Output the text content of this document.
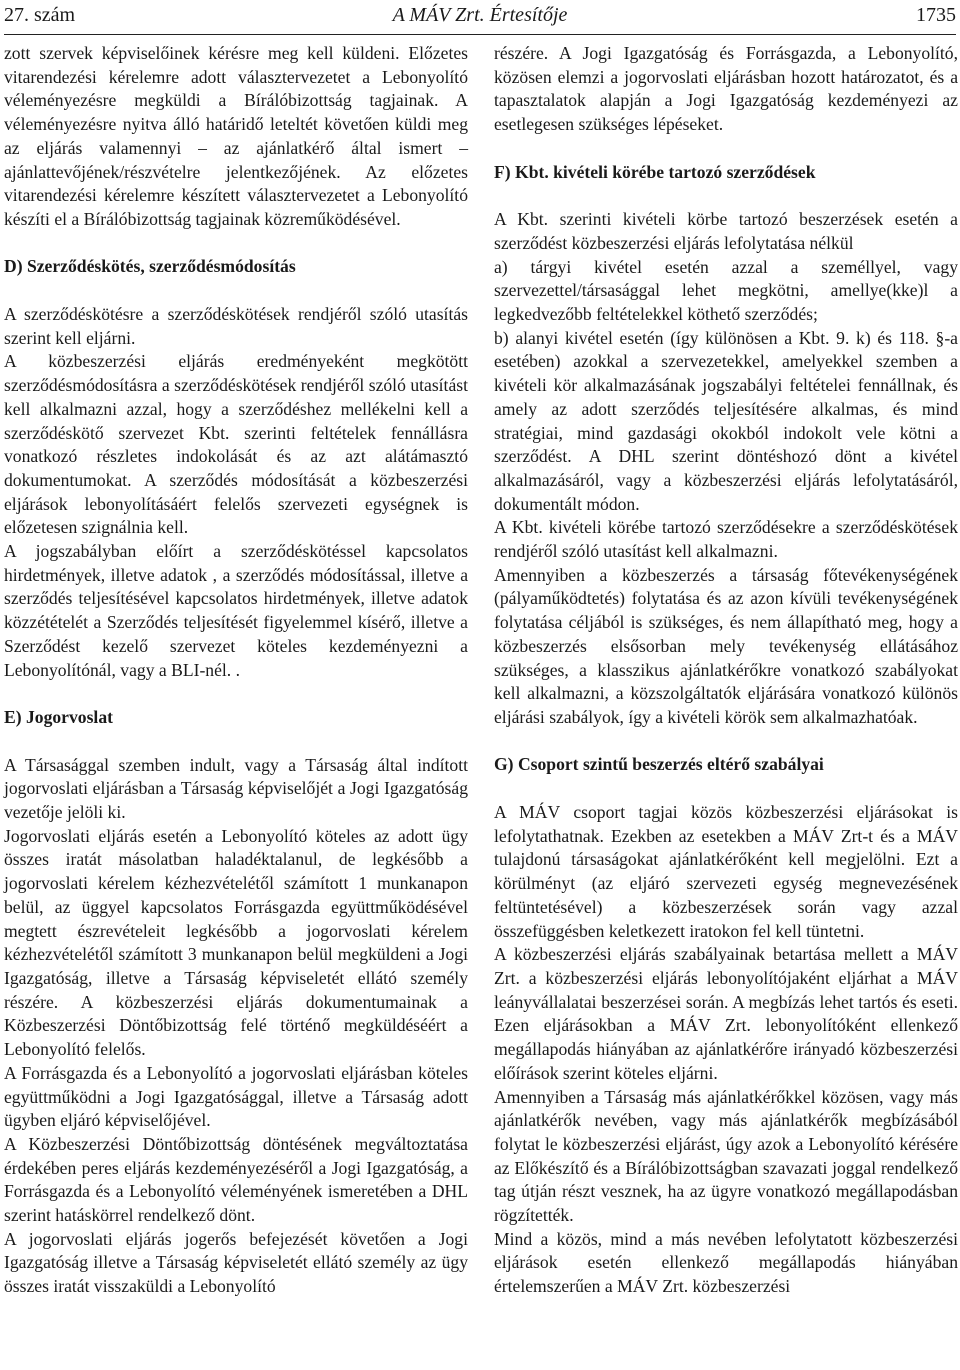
27. szám	A MÁV Zrt. Értesítője	1735

zott szervek képviselőinek kérésre meg kell küldeni. Előzetes vitarendezési kérelemre adott választervezetet a Lebonyolító véleményezésre megküldi a Bírálóbizottság tagjainak. A véleményezésre nyitva álló határidő leteltét követően küldi meg az eljárás valamennyi – az ajánlatkérő által ismert – ajánlattevőjének/részvételre jelentkezőjének. Az előzetes vitarendezési kérelemre készített választervezetet a Lebonyolító készíti el a Bírálóbizottság tagjainak közreműködésével.

D) Szerződéskötés, szerződésmódosítás

A szerződéskötésre a szerződéskötések rendjéről szóló utasítás szerint kell eljárni.

A közbeszerzési eljárás eredményeként megkötött szerződésmódosításra a szerződéskötések rendjéről szóló utasítást kell alkalmazni azzal, hogy a szerződéshez mellékelni kell a szerződéskötő szervezet Kbt. szerinti feltételek fennállásra vonatkozó részletes indokolását és az azt alátámasztó dokumentumokat. A szerződés módosítását a közbeszerzési eljárások lebonyolításáért felelős szervezeti egységnek is előzetesen szignálnia kell.

A jogszabályban előírt a szerződéskötéssel kapcsolatos hirdetmények, illetve adatok , a szerződés módosítással, illetve a szerződés teljesítésével kapcsolatos hirdetmények, illetve adatok közzétételét a Szerződés teljesítését figyelemmel kísérő, illetve a Szerződést kezelő szervezet köteles kezdeményezni a Lebonyolítónál, vagy a BLI-nél. .

E) Jogorvoslat

A Társasággal szemben indult, vagy a Társaság által indított jogorvoslati eljárásban a Társaság képviselőjét a Jogi Igazgatóság vezetője jelöli ki.

Jogorvoslati eljárás esetén a Lebonyolító köteles az adott ügy összes iratát másolatban haladéktalanul, de legkésőbb a jogorvoslati kérelem kézhezvételétől számított 1 munkanapon belül, az üggyel kapcsolatos Forrásgazda együttműködésével megtett észrevételeit legkésőbb a jogorvoslati kérelem kézhezvételétől számított 3 munkanapon belül megküldeni a Jogi Igazgatóság, illetve a Társaság képviseletét ellátó személy részére. A közbeszerzési eljárás dokumentumainak a Közbeszerzési Döntőbizottság felé történő megküldéséért a Lebonyolító felelős.

A Forrásgazda és a Lebonyolító a jogorvoslati eljárásban köteles együttműködni a Jogi Igazgatósággal, illetve a Társaság adott ügyben eljáró képviselőjével.

A Közbeszerzési Döntőbizottság döntésének megváltoztatása érdekében peres eljárás kezdeményezéséről a Jogi Igazgatóság, a Forrásgazda és a Lebonyolító véleményének ismeretében a DHL szerint hatáskörrel rendelkező dönt.

A jogorvoslati eljárás jogerős befejezését követően a Jogi Igazgatóság illetve a Társaság képviseletét ellátó személy az ügy összes iratát visszaküldi a Lebonyolító

részére. A Jogi Igazgatóság és Forrásgazda, a Lebonyolító, közösen elemzi a jogorvoslati eljárásban hozott határozatot, és a tapasztalatok alapján a Jogi Igazgatóság kezdeményezi az esetlegesen szükséges lépéseket.

F) Kbt. kivételi körébe tartozó szerződések

A Kbt. szerinti kivételi körbe tartozó beszerzések esetén a szerződést közbeszerzési eljárás lefolytatása nélkül

a) tárgyi kivétel esetén azzal a személlyel, vagy szervezettel/társasággal lehet megkötni, amellye(kke)l a legkedvezőbb feltételekkel köthető szerződés;

b) alanyi kivétel esetén (így különösen a Kbt. 9. k) és 118. §-a esetében) azokkal a szervezetekkel, amelyekkel szemben a kivételi kör alkalmazásának jogszabályi feltételei fennállnak, és amely az adott szerződés teljesítésére alkalmas, és mind stratégiai, mind gazdasági okokból indokolt vele kötni a szerződést. A DHL szerint döntéshozó dönt a kivétel alkalmazásáról, vagy a közbeszerzési eljárás lefolytatásáról, dokumentált módon.

A Kbt. kivételi körébe tartozó szerződésekre a szerződéskötések rendjéről szóló utasítást kell alkalmazni.

Amennyiben a közbeszerzés a társaság főtevékenységének (pályaműködtetés) folytatása és az azon kívüli tevékenységének folytatása céljából is szükséges, és nem állapítható meg, hogy a közbeszerzés elsősorban mely tevékenység ellátásához szükséges, a klasszikus ajánlatkérőkre vonatkozó szabályokat kell alkalmazni, a közszolgáltatók eljárására vonatkozó különös eljárási szabályok, így a kivételi körök sem alkalmazhatóak.

G) Csoport szintű beszerzés eltérő szabályai

A MÁV csoport tagjai közös közbeszerzési eljárásokat is lefolytathatnak. Ezekben az esetekben a MÁV Zrt-t és a MÁV tulajdonú társaságokat ajánlatkérőként kell megjelölni. Ezt a körülményt (az eljáró szervezeti egység megnevezésének feltüntetésével) a közbeszerzések során vagy azzal összefüggésben keletkezett iratokon fel kell tüntetni.

A közbeszerzési eljárás szabályainak betartása mellett a MÁV Zrt. a közbeszerzési eljárás lebonyolítójaként eljárhat a MÁV leányvállalatai beszerzései során. A megbízás lehet tartós és eseti. Ezen eljárásokban a MÁV Zrt. lebonyolítóként ellenkező megállapodás hiányában az ajánlatkérőre irányadó közbeszerzési előírások szerint köteles eljárni.

Amennyiben a Társaság más ajánlatkérőkkel közösen, vagy más ajánlatkérők nevében, vagy más ajánlatkérők megbízásából folytat le közbeszerzési eljárást, úgy azok a Lebonyolító kérésére az Előkészítő és a Bírálóbizottságban szavazati joggal rendelkező tag útján részt vesznek, ha az ügyre vonatkozó megállapodásban rögzítették.

Mind a közös, mind a más nevében lefolytatott közbeszerzési eljárások esetén ellenkező megállapodás hiányában értelemszerűen a MÁV Zrt. közbeszerzési
